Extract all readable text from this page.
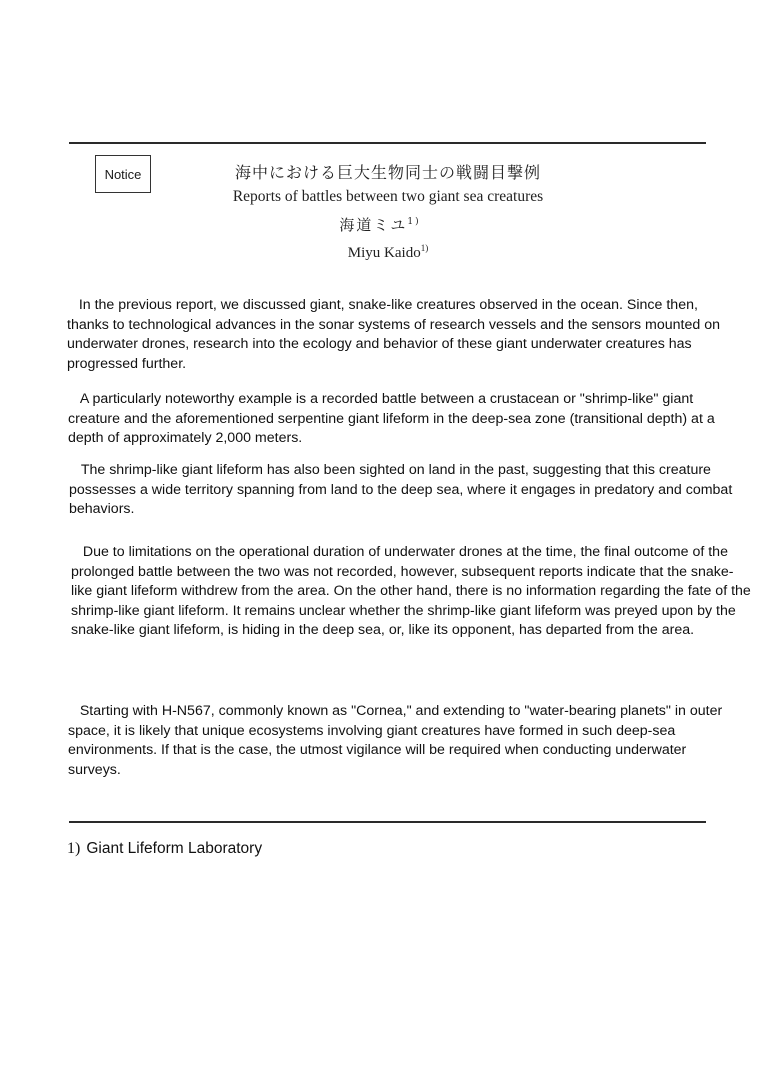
Notice	海中における巨大生物同士の戦闘目撃例
Reports of battles between two giant sea creatures
海道ミユ$^{1)}$
Miyu Kaido$^{1)}$

In the previous report, we discussed giant, snake-like creatures observed in the ocean. Since then, thanks to technological advances in the sonar systems of research vessels and the sensors mounted on underwater drones, research into the ecology and behavior of these giant underwater creatures has progressed further.

A particularly noteworthy example is a recorded battle between a crustacean or "shrimp-like" giant creature and the aforementioned serpentine giant lifeform in the deep-sea zone (transitional depth) at a depth of approximately 2,000 meters.

The shrimp-like giant lifeform has also been sighted on land in the past, suggesting that this creature possesses a wide territory spanning from land to the deep sea, where it engages in predatory and combat behaviors.

Due to limitations on the operational duration of underwater drones at the time, the final outcome of the prolonged battle between the two was not recorded, however, subsequent reports indicate that the snake-like giant lifeform withdrew from the area. On the other hand, there is no information regarding the fate of the shrimp-like giant lifeform. It remains unclear whether the shrimp-like giant lifeform was preyed upon by the snake-like giant lifeform, is hiding in the deep sea, or, like its opponent, has departed from the area.

Starting with H-N567, commonly known as "Cornea," and extending to "water-bearing planets" in outer space, it is likely that unique ecosystems involving giant creatures have formed in such deep-sea environments. If that is the case, the utmost vigilance will be required when conducting underwater surveys.

1) Giant Lifeform Laboratory
